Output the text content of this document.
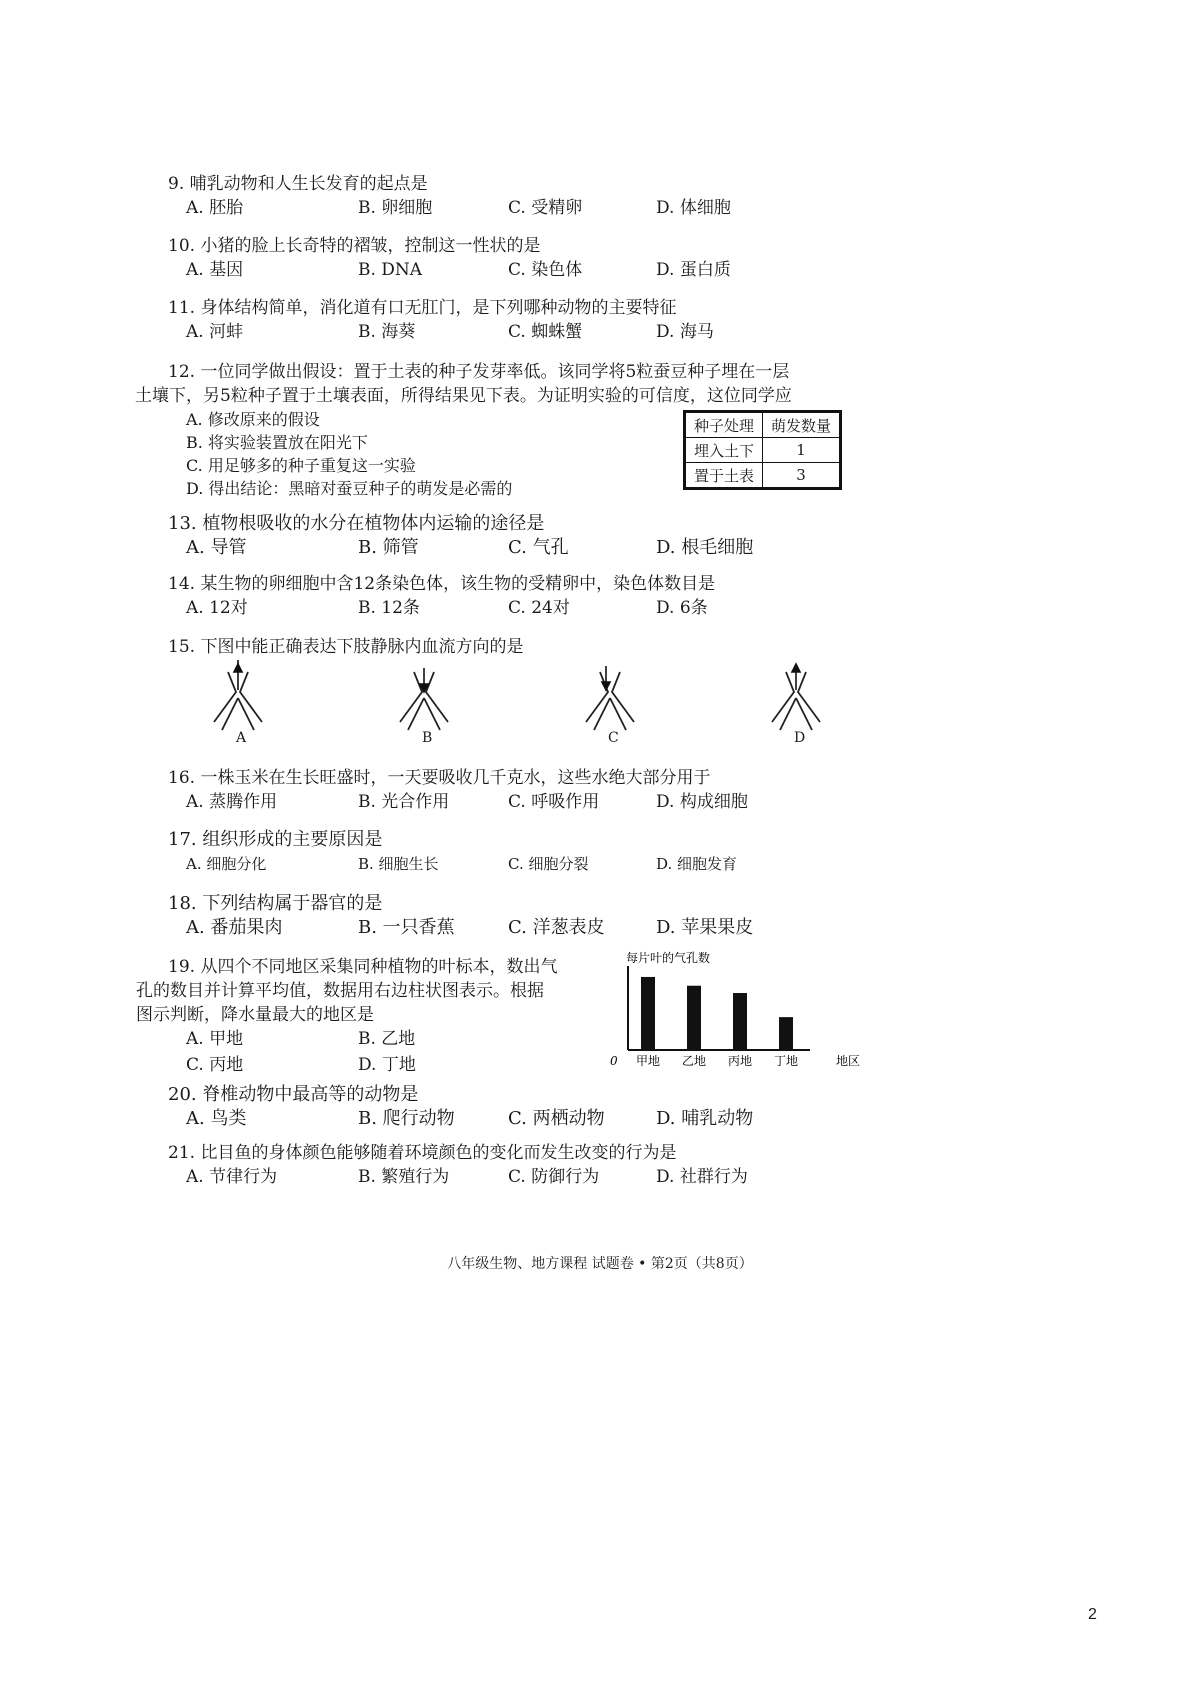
9. 哺乳动物和人生长发育的起点是
A. 胚胎	B. 卵细胞	C. 受精卵	D. 体细胞
10. 小猪的脸上长奇特的褶皱，控制这一性状的是
A. 基因	B. DNA	C. 染色体	D. 蛋白质
11. 身体结构简单，消化道有口无肛门，是下列哪种动物的主要特征
A. 河蚌	B. 海葵	C. 蜘蛛蟹	D. 海马
12. 一位同学做出假设：置于土表的种子发芽率低。该同学将5粒蚕豆种子埋在一层
土壤下，另5粒种子置于土壤表面，所得结果见下表。为证明实验的可信度，这位同学应
A. 修改原来的假设
B. 将实验装置放在阳光下
C. 用足够多的种子重复这一实验
D. 得出结论：黑暗对蚕豆种子的萌发是必需的
种子处理	萌发数量
埋入土下	1
置于土表	3
13. 植物根吸收的水分在植物体内运输的途径是
A. 导管	B. 筛管	C. 气孔	D. 根毛细胞
14. 某生物的卵细胞中含12条染色体，该生物的受精卵中，染色体数目是
A. 12对	B. 12条	C. 24对	D. 6条
15. 下图中能正确表达下肢静脉内血流方向的是
A	B	C	D
16. 一株玉米在生长旺盛时，一天要吸收几千克水，这些水绝大部分用于
A. 蒸腾作用	B. 光合作用	C. 呼吸作用	D. 构成细胞
17. 组织形成的主要原因是
A. 细胞分化	B. 细胞生长	C. 细胞分裂	D. 细胞发育
18. 下列结构属于器官的是
A. 番茄果肉	B. 一只香蕉	C. 洋葱表皮	D. 苹果果皮
19. 从四个不同地区采集同种植物的叶标本，数出气
孔的数目并计算平均值，数据用右边柱状图表示。根据
图示判断，降水量最大的地区是
A. 甲地	B. 乙地
C. 丙地	D. 丁地
每片叶的气孔数
0	地区
甲地 乙地 丙地 丁地
20. 脊椎动物中最高等的动物是
A. 鸟类	B. 爬行动物	C. 两栖动物	D. 哺乳动物
21. 比目鱼的身体颜色能够随着环境颜色的变化而发生改变的行为是
A. 节律行为	B. 繁殖行为	C. 防御行为	D. 社群行为
八年级生物、地方课程 试题卷 • 第2页（共8页）
2
